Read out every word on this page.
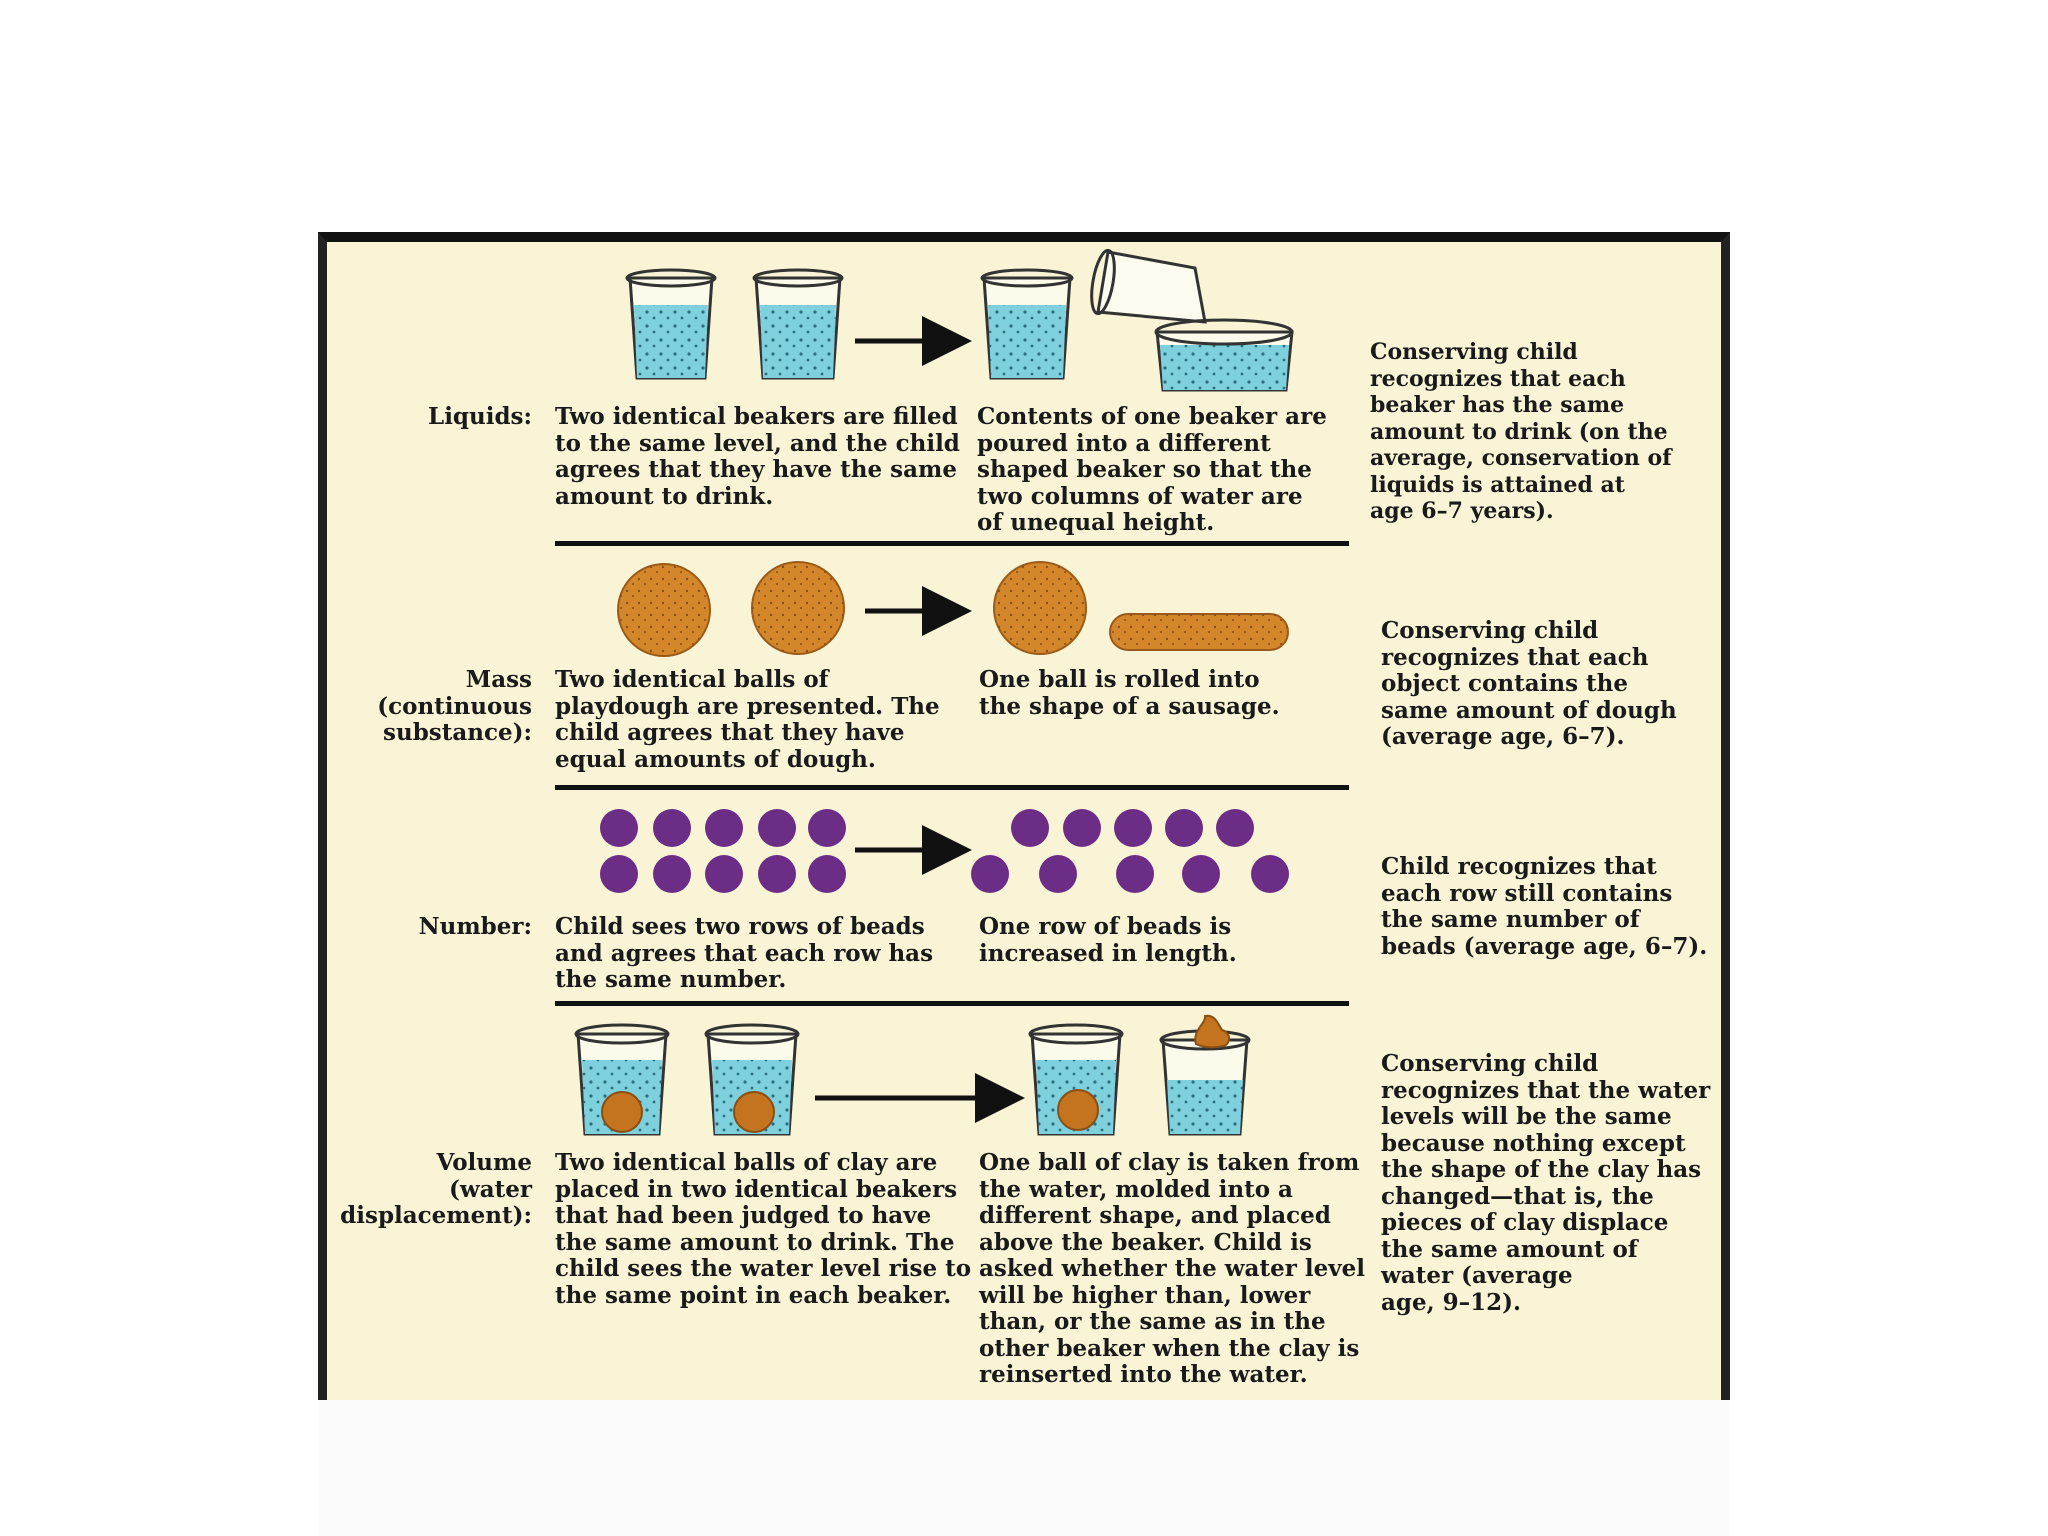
Liquids: Two identical beakers are filled
to the same level, and the child
agrees that they have the same
amount to drink.

Contents of one beaker are
poured into a different
shaped beaker so that the
two columns of water are
of unequal height.

Conserving child
recognizes that each
beaker has the same
amount to drink (on the
average, conservation of
liquids is attained at
age 6–7 years).

Mass
(continuous
substance):

Two identical balls of
playdough are presented. The
child agrees that they have
equal amounts of dough.

One ball is rolled into
the shape of a sausage.

Conserving child
recognizes that each
object contains the
same amount of dough
(average age, 6–7).

Number: Child sees two rows of beads
and agrees that each row has
the same number.

One row of beads is
increased in length.

Child recognizes that
each row still contains
the same number of
beads (average age, 6–7).

Volume
(water
displacement):

Two identical balls of clay are
placed in two identical beakers
that had been judged to have
the same amount to drink. The
child sees the water level rise to
the same point in each beaker.

One ball of clay is taken from
the water, molded into a
different shape, and placed
above the beaker. Child is
asked whether the water level
will be higher than, lower
than, or the same as in the
other beaker when the clay is
reinserted into the water.

Conserving child
recognizes that the water
levels will be the same
because nothing except
the shape of the clay has
changed—that is, the
pieces of clay displace
the same amount of
water (average
age, 9–12).
